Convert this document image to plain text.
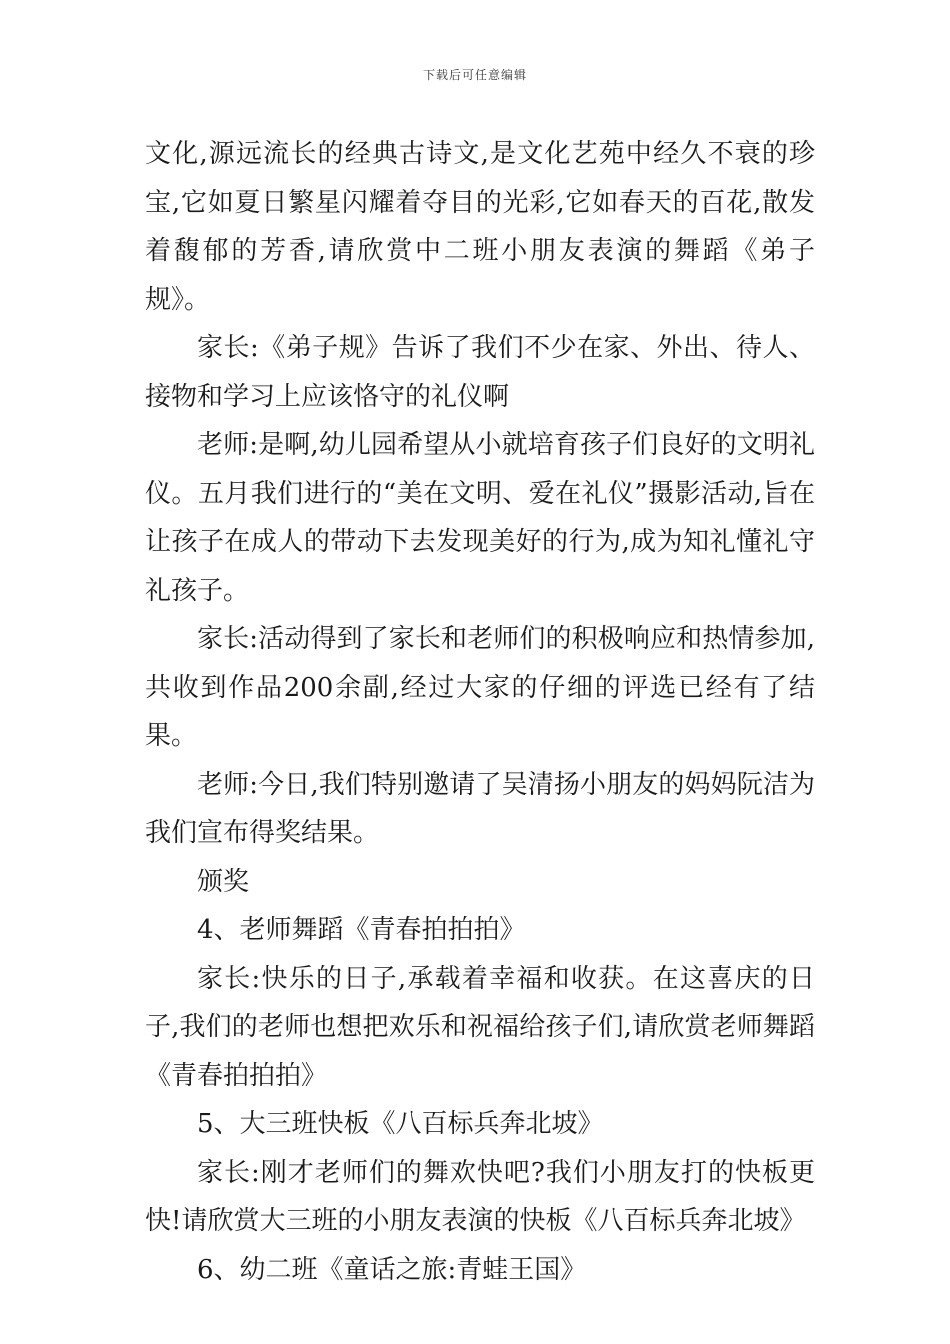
下载后可任意编辑

文化,源远流长的经典古诗文,是文化艺苑中经久不衰的珍宝,它如夏日繁星闪耀着夺目的光彩,它如春天的百花,散发着馥郁的芳香,请欣赏中二班小朋友表演的舞蹈《弟子规》。

家长:《弟子规》告诉了我们不少在家、外出、待人、接物和学习上应该恪守的礼仪啊

老师:是啊,幼儿园希望从小就培育孩子们良好的文明礼仪。五月我们进行的“美在文明、爱在礼仪”摄影活动,旨在让孩子在成人的带动下去发现美好的行为,成为知礼懂礼守礼孩子。

家长:活动得到了家长和老师们的积极响应和热情参加,共收到作品200余副,经过大家的仔细的评选已经有了结果。

老师:今日,我们特别邀请了吴清扬小朋友的妈妈阮洁为我们宣布得奖结果。

颁奖

4、老师舞蹈《青春拍拍拍》

家长:快乐的日子,承载着幸福和收获。在这喜庆的日子,我们的老师也想把欢乐和祝福给孩子们,请欣赏老师舞蹈《青春拍拍拍》

5、大三班快板《八百标兵奔北坡》

家长:刚才老师们的舞欢快吧?我们小朋友打的快板更快!请欣赏大三班的小朋友表演的快板《八百标兵奔北坡》

6、幼二班《童话之旅:青蛙王国》
